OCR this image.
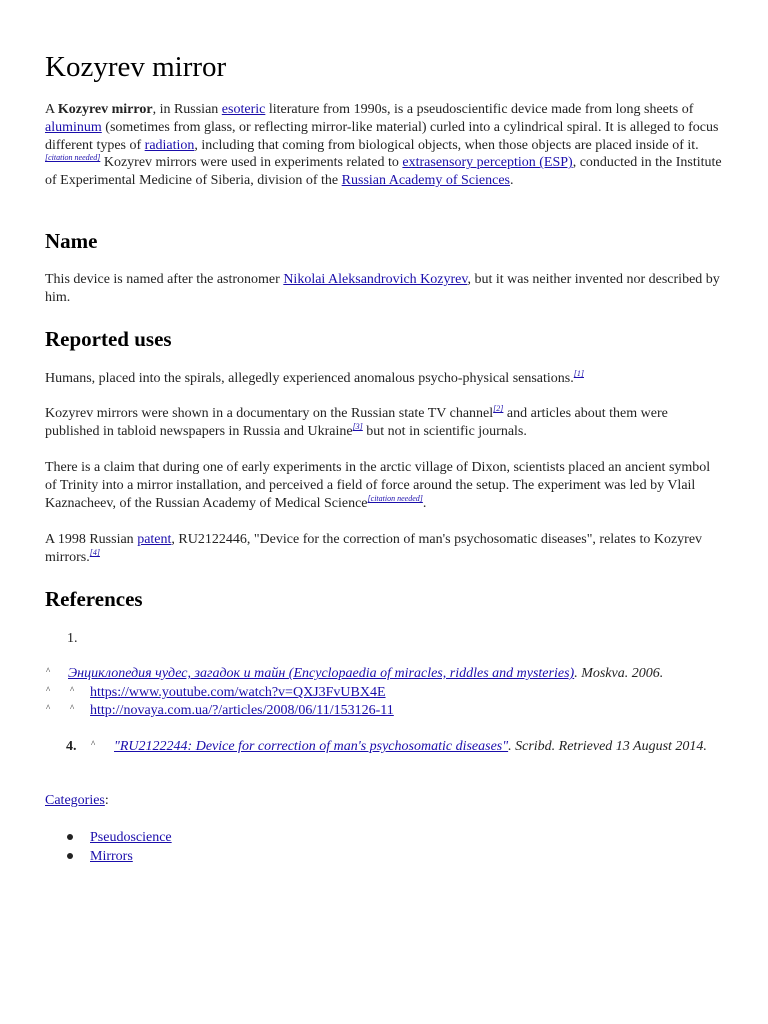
Kozyrev mirror

A Kozyrev mirror, in Russian esoteric literature from 1990s, is a pseudoscientific device made from long sheets of aluminum (sometimes from glass, or reflecting mirror-like material) curled into a cylindrical spiral. It is alleged to focus different types of radiation, including that coming from biological objects, when those objects are placed inside of it.[citation needed] Kozyrev mirrors were used in experiments related to extrasensory perception (ESP), conducted in the Institute of Experimental Medicine of Siberia, division of the Russian Academy of Sciences.

Name

This device is named after the astronomer Nikolai Aleksandrovich Kozyrev, but it was neither invented nor described by him.

Reported uses

Humans, placed into the spirals, allegedly experienced anomalous psycho-physical sensations.[1]

Kozyrev mirrors were shown in a documentary on the Russian state TV channel[2] and articles about them were published in tabloid newspapers in Russia and Ukraine[3] but not in scientific journals.

There is a claim that during one of early experiments in the arctic village of Dixon, scientists placed an ancient symbol of Trinity into a mirror installation, and perceived a field of force around the setup. The experiment was led by Vlail Kaznacheev, of the Russian Academy of Medical Science[citation needed].

A 1998 Russian patent, RU2122446, "Device for the correction of man's psychosomatic diseases", relates to Kozyrev mirrors.[4]

References
1.
^ Энциклопедия чудес, загадок и тайн (Encyclopaedia of miracles, riddles and mysteries). Moskva. 2006.
^ ^ https://www.youtube.com/watch?v=QXJ3FvUBX4E
^ ^ http://novaya.com.ua/?/articles/2008/06/11/153126-11
4. ^	"RU2122244: Device for correction of man's psychosomatic diseases". Scribd. Retrieved 13 August 2014.
Categories:
Pseudoscience
Mirrors
